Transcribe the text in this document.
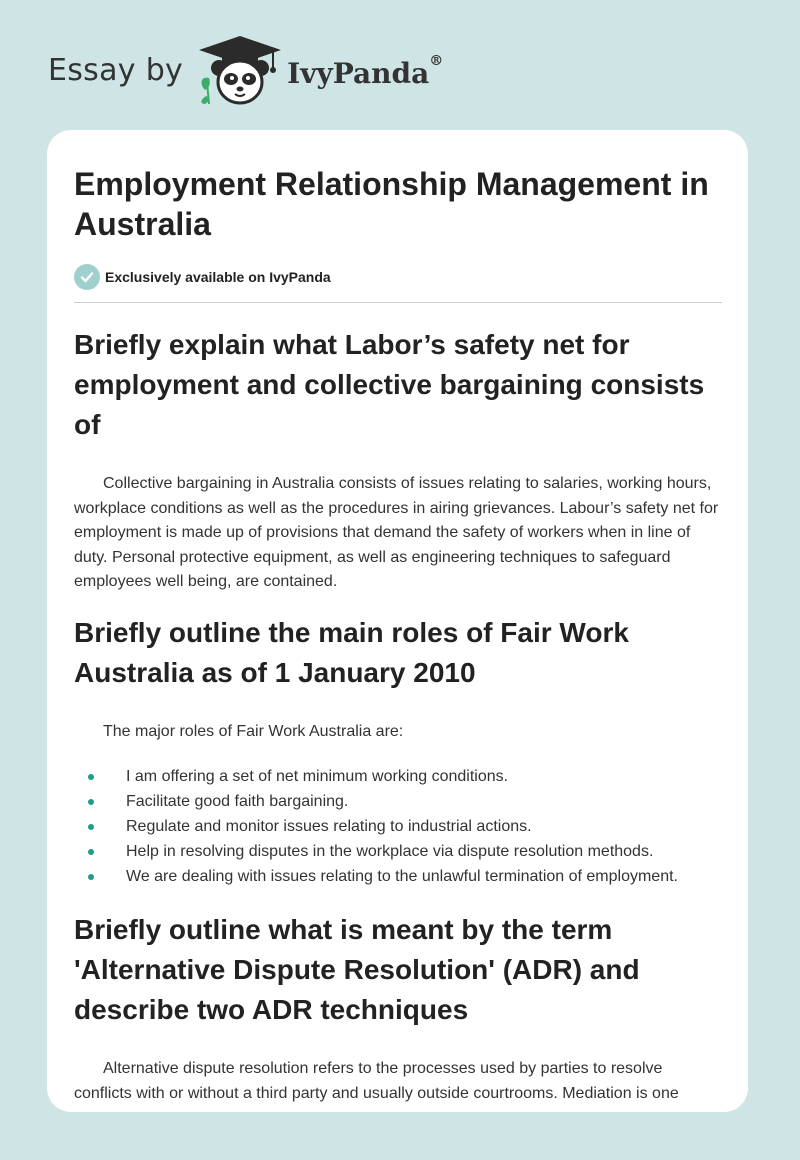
Essay by	IvyPanda®
Employment Relationship Management in Australia
Exclusively available on IvyPanda
Briefly explain what Labor’s safety net for employment and collective bargaining consists of

Collective bargaining in Australia consists of issues relating to salaries, working hours, workplace conditions as well as the procedures in airing grievances. Labour’s safety net for employment is made up of provisions that demand the safety of workers when in line of duty. Personal protective equipment, as well as engineering techniques to safeguard employees well being, are contained.

Briefly outline the main roles of Fair Work Australia as of 1 January 2010

The major roles of Fair Work Australia are:

I am offering a set of net minimum working conditions.
Facilitate good faith bargaining.
Regulate and monitor issues relating to industrial actions.
Help in resolving disputes in the workplace via dispute resolution methods.
We are dealing with issues relating to the unlawful termination of employment.
Briefly outline what is meant by the term 'Alternative Dispute Resolution' (ADR) and describe two ADR techniques

Alternative dispute resolution refers to the processes used by parties to resolve conflicts with or without a third party and usually outside courtrooms. Mediation is one
